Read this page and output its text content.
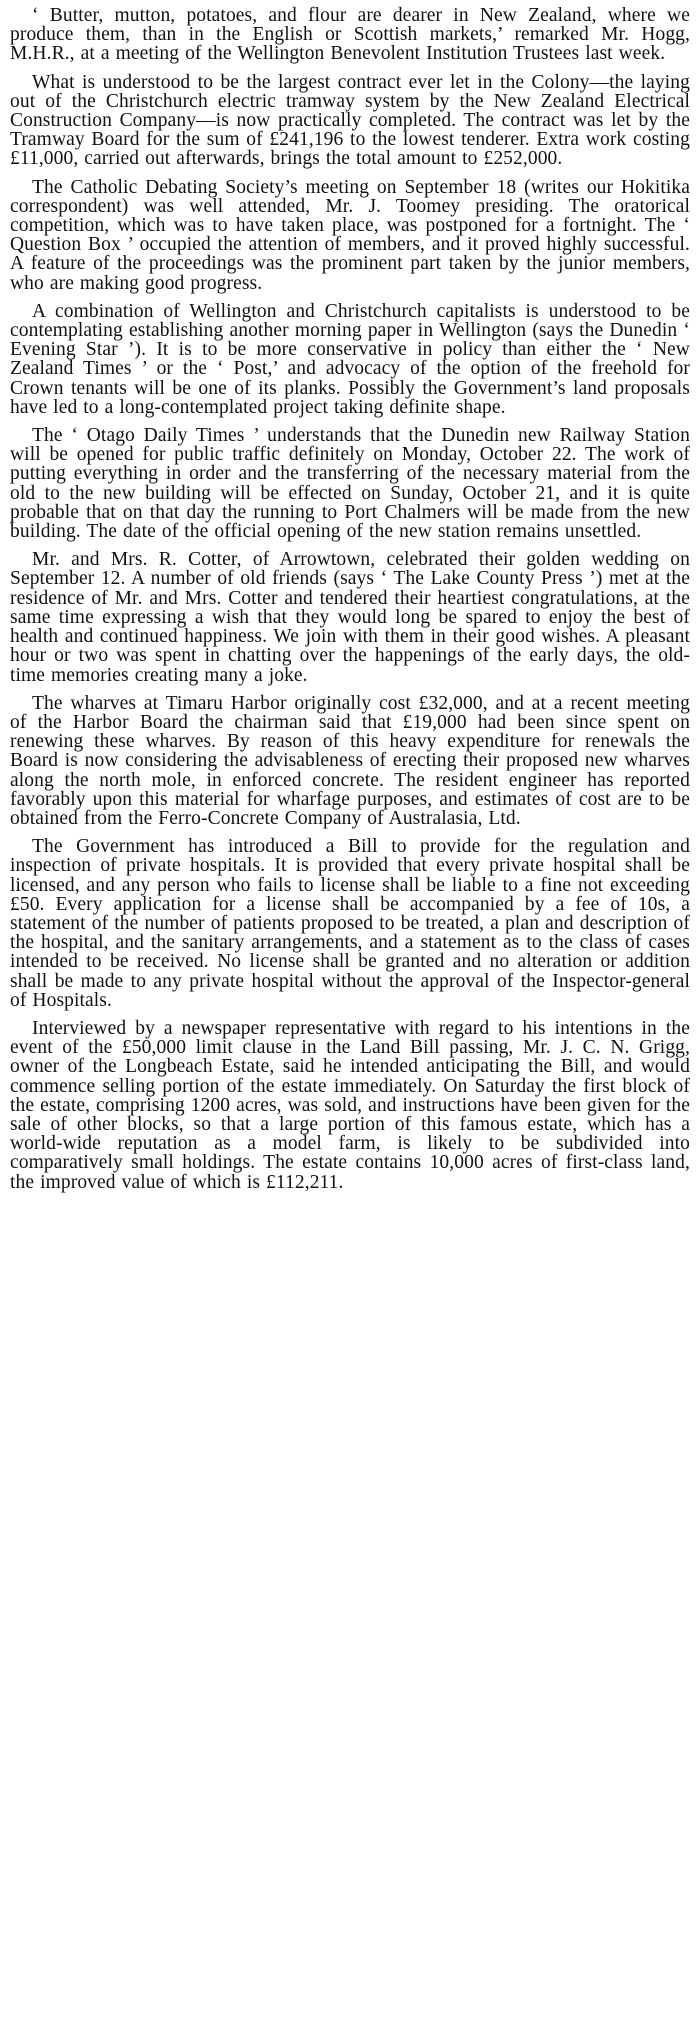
‘ Butter, mutton, potatoes, and flour are dearer in New Zealand, where we produce them, than in the English or Scottish markets,’ remarked Mr. Hogg, M.H.R., at a meeting of the Wellington Benevolent Institution Trustees last week.

What is understood to be the largest contract ever let in the Colony—the laying out of the Christchurch electric tramway system by the New Zealand Electrical Construction Company—is now practically completed. The contract was let by the Tramway Board for the sum of £241,196 to the lowest tenderer. Extra work costing £11,000, carried out afterwards, brings the total amount to £252,000.

The Catholic Debating Society’s meeting on September 18 (writes our Hokitika correspondent) was well attended, Mr. J. Toomey presiding. The oratorical competition, which was to have taken place, was postponed for a fortnight. The ‘ Question Box ’ occupied the attention of members, and it proved highly successful. A feature of the proceedings was the prominent part taken by the junior members, who are making good progress.

A combination of Wellington and Christchurch capitalists is understood to be contemplating establishing another morning paper in Wellington (says the Dunedin ‘ Evening Star ’). It is to be more conservative in policy than either the ‘ New Zealand Times ’ or the ‘ Post,’ and advocacy of the option of the freehold for Crown tenants will be one of its planks. Possibly the Government’s land proposals have led to a long-contemplated project taking definite shape.

The ‘ Otago Daily Times ’ understands that the Dunedin new Railway Station will be opened for public traffic definitely on Monday, October 22. The work of putting everything in order and the transferring of the necessary material from the old to the new building will be effected on Sunday, October 21, and it is quite probable that on that day the running to Port Chalmers will be made from the new building. The date of the official opening of the new station remains unsettled.

Mr. and Mrs. R. Cotter, of Arrowtown, celebrated their golden wedding on September 12. A number of old friends (says ‘ The Lake County Press ’) met at the residence of Mr. and Mrs. Cotter and tendered their heartiest congratulations, at the same time expressing a wish that they would long be spared to enjoy the best of health and continued happiness. We join with them in their good wishes. A pleasant hour or two was spent in chatting over the happenings of the early days, the old-time memories creating many a joke.

The wharves at Timaru Harbor originally cost £32,000, and at a recent meeting of the Harbor Board the chairman said that £19,000 had been since spent on renewing these wharves. By reason of this heavy expenditure for renewals the Board is now considering the advisableness of erecting their proposed new wharves along the north mole, in enforced concrete. The resident engineer has reported favorably upon this material for wharfage purposes, and estimates of cost are to be obtained from the Ferro-Concrete Company of Australasia, Ltd.

The Government has introduced a Bill to provide for the regulation and inspection of private hospitals. It is provided that every private hospital shall be licensed, and any person who fails to license shall be liable to a fine not exceeding £50. Every application for a license shall be accompanied by a fee of 10s, a statement of the number of patients proposed to be treated, a plan and description of the hospital, and the sanitary arrangements, and a statement as to the class of cases intended to be received. No license shall be granted and no alteration or addition shall be made to any private hospital without the approval of the Inspector-general of Hospitals.

Interviewed by a newspaper representative with regard to his intentions in the event of the £50,000 limit clause in the Land Bill passing, Mr. J. C. N. Grigg, owner of the Longbeach Estate, said he intended anticipating the Bill, and would commence selling portion of the estate immediately. On Saturday the first block of the estate, comprising 1200 acres, was sold, and instructions have been given for the sale of other blocks, so that a large portion of this famous estate, which has a world-wide reputation as a model farm, is likely to be subdivided into comparatively small holdings. The estate contains 10,000 acres of first-class land, the improved value of which is £112,211.
